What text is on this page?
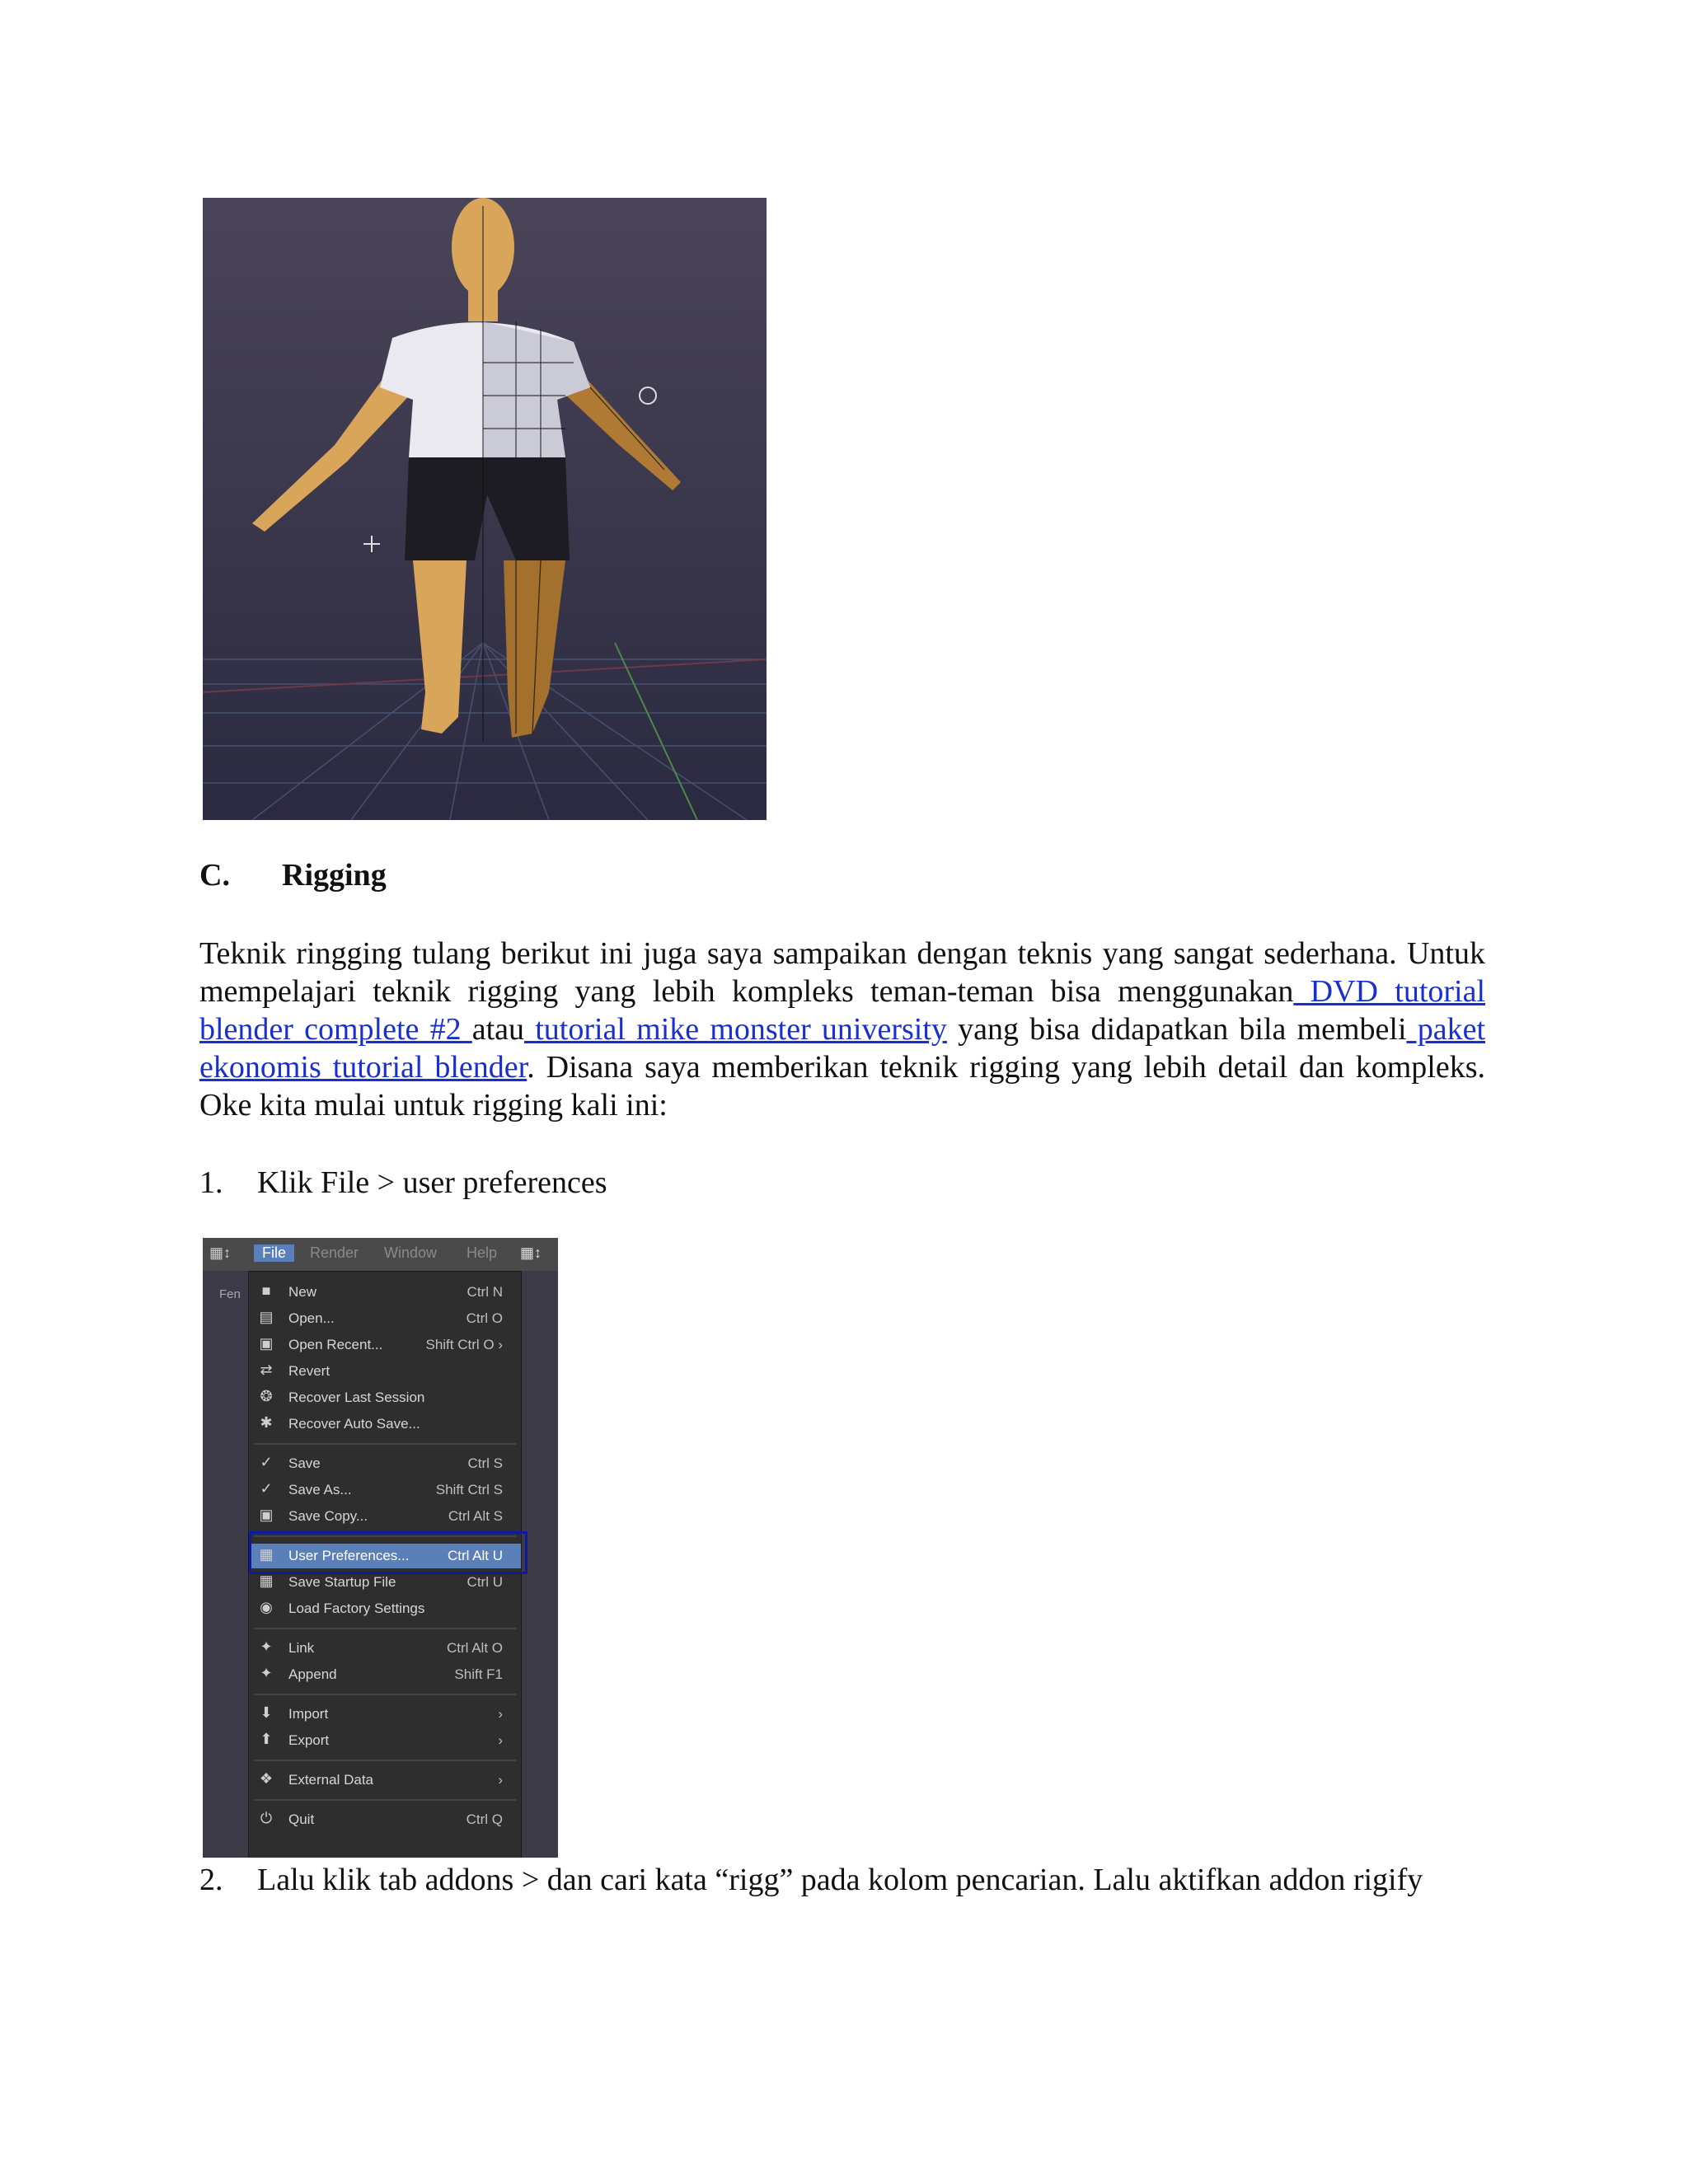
C. Rigging
Teknik ringging tulang berikut ini juga saya sampaikan dengan teknis yang sangat sederhana. Untuk mempelajari teknik rigging yang lebih kompleks teman-teman bisa menggunakan DVD tutorial blender complete #2 atau tutorial mike monster university yang bisa didapatkan bila membeli paket ekonomis tutorial blender. Disana saya memberikan teknik rigging yang lebih detail dan kompleks. Oke kita mulai untuk rigging kali ini:
1. Klik File > user preferences
▦↕	File	Render Window Help ▦↕
Fen	■	New	Ctrl N
▤ Open...	Ctrl O
▣ Open Recent...	Shift Ctrl O ›
⇄ Revert
❂ Recover Last Session
✱ Recover Auto Save...
✓ Save	Ctrl S
✓ Save As...	Shift Ctrl S
▣ Save Copy...	Ctrl Alt S
▦ User Preferences...	Ctrl Alt U
▦ Save Startup File	Ctrl U
◉ Load Factory Settings
✦ Link	Ctrl Alt O
✦ Append	Shift F1
⬇ Import	›
⬆ Export	›
❖ External Data	›
⏻ Quit	Ctrl Q
2. Lalu klik tab addons > dan cari kata “rigg” pada kolom pencarian. Lalu aktifkan addon rigify
